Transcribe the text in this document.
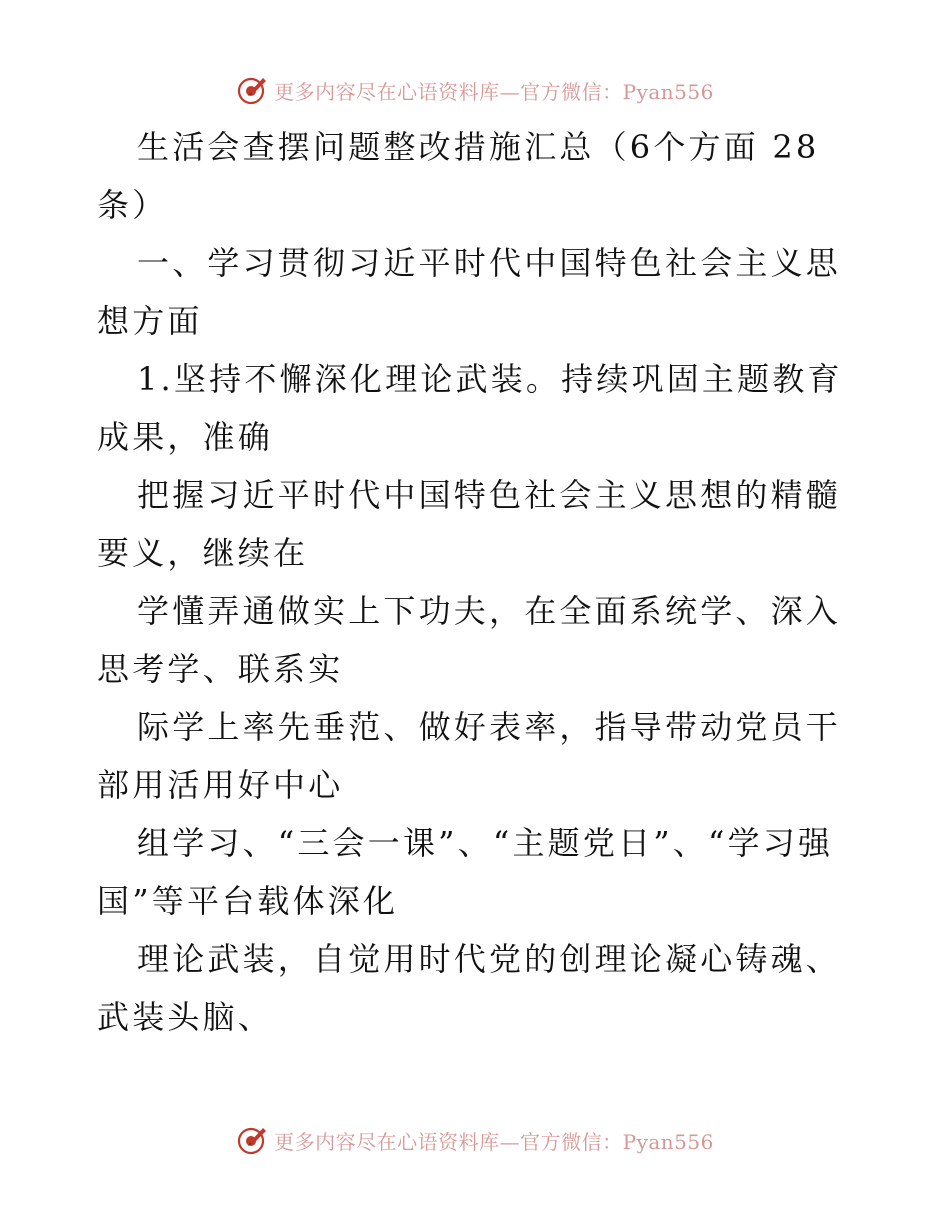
更多内容尽在心语资料库—官方微信：Pyan556

生活会查摆问题整改措施汇总（6个方面 28条）

一、学习贯彻习近平时代中国特色社会主义思想方面

1.坚持不懈深化理论武装。持续巩固主题教育成果，准确

把握习近平时代中国特色社会主义思想的精髓要义，继续在

学懂弄通做实上下功夫，在全面系统学、深入思考学、联系实

际学上率先垂范、做好表率，指导带动党员干部用活用好中心

组学习、“三会一课”、“主题党日”、“学习强国”等平台载体深化

理论武装，自觉用时代党的创理论凝心铸魂、武装头脑、

更多内容尽在心语资料库—官方微信：Pyan556
